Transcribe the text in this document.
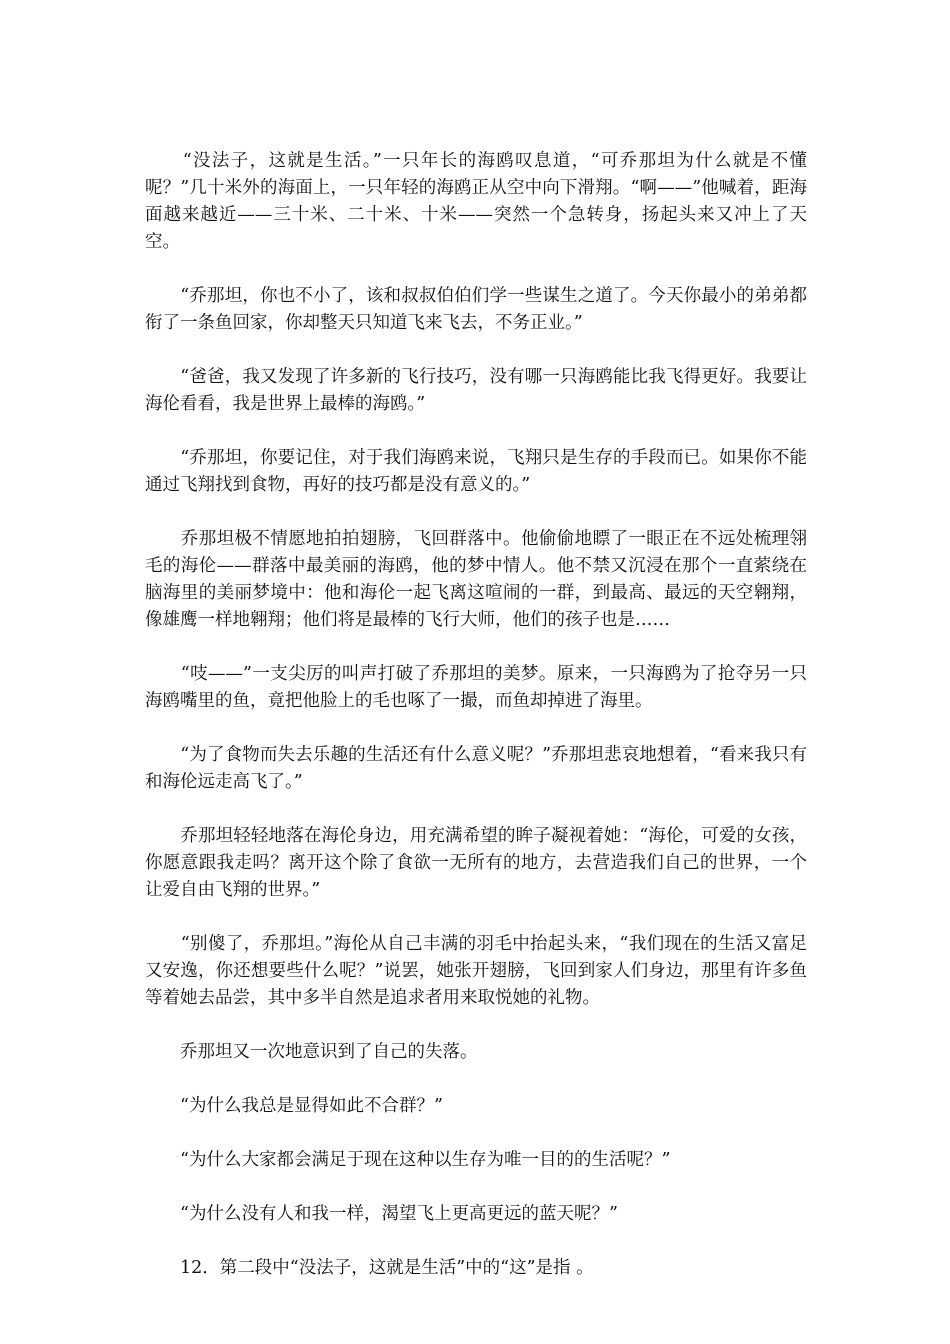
　　“没法子，这就是生活。”一只年长的海鸥叹息道，“可乔那坦为什么就是不懂呢？”几十米外的海面上，一只年轻的海鸥正从空中向下滑翔。“啊——”他喊着，距海面越来越近——三十米、二十米、十米——突然一个急转身，扬起头来又冲上了天空。

　　“乔那坦，你也不小了，该和叔叔伯伯们学一些谋生之道了。今天你最小的弟弟都衔了一条鱼回家，你却整天只知道飞来飞去，不务正业。”

　　“爸爸，我又发现了许多新的飞行技巧，没有哪一只海鸥能比我飞得更好。我要让海伦看看，我是世界上最棒的海鸥。”

　　“乔那坦，你要记住，对于我们海鸥来说，飞翔只是生存的手段而已。如果你不能通过飞翔找到食物，再好的技巧都是没有意义的。”

　　乔那坦极不情愿地拍拍翅膀，飞回群落中。他偷偷地瞟了一眼正在不远处梳理翎毛的海伦——群落中最美丽的海鸥，他的梦中情人。他不禁又沉浸在那个一直萦绕在脑海里的美丽梦境中：他和海伦一起飞离这喧闹的一群，到最高、最远的天空翱翔，像雄鹰一样地翱翔；他们将是最棒的飞行大师，他们的孩子也是……

　　“吱——”一支尖厉的叫声打破了乔那坦的美梦。原来，一只海鸥为了抢夺另一只海鸥嘴里的鱼，竟把他脸上的毛也啄了一撮，而鱼却掉进了海里。

　　“为了食物而失去乐趣的生活还有什么意义呢？”乔那坦悲哀地想着，“看来我只有和海伦远走高飞了。”

　　乔那坦轻轻地落在海伦身边，用充满希望的眸子凝视着她：“海伦，可爱的女孩，你愿意跟我走吗？离开这个除了食欲一无所有的地方，去营造我们自己的世界，一个让爱自由飞翔的世界。”

　　“别傻了，乔那坦。”海伦从自己丰满的羽毛中抬起头来，“我们现在的生活又富足又安逸，你还想要些什么呢？”说罢，她张开翅膀，飞回到家人们身边，那里有许多鱼等着她去品尝，其中多半自然是追求者用来取悦她的礼物。

　　乔那坦又一次地意识到了自己的失落。

　　“为什么我总是显得如此不合群？”

　　“为什么大家都会满足于现在这种以生存为唯一目的的生活呢？”

　　“为什么没有人和我一样，渴望飞上更高更远的蓝天呢？”

　　12．第二段中“没法子，这就是生活”中的“这”是指 。
